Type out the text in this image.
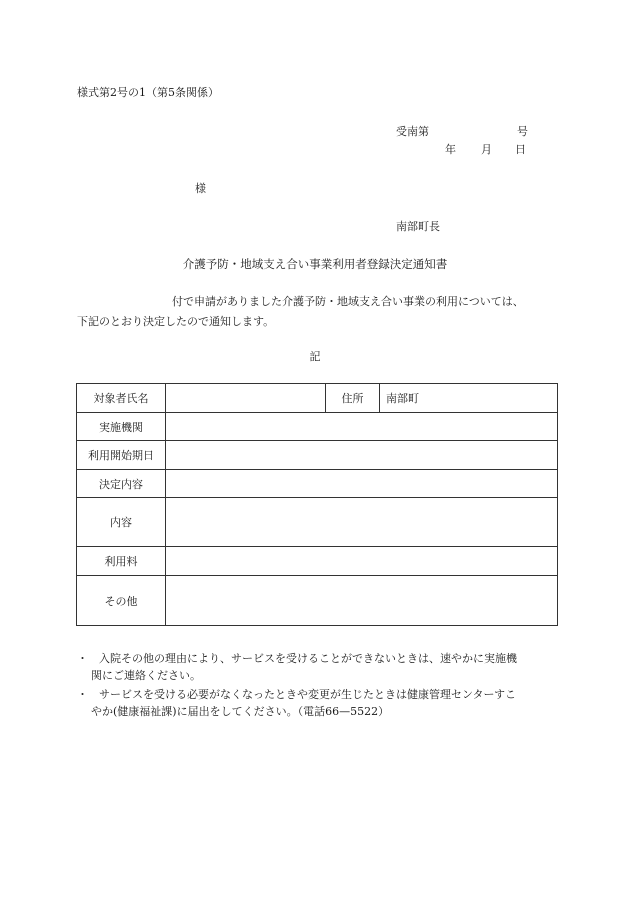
様式第2号の1（第5条関係）
受南第	号
年 月 日
様
南部町長
介護予防・地域支え合い事業利用者登録決定通知書
付で申請がありました介護予防・地域支え合い事業の利用については、
下記のとおり決定したので通知します。
記
対象者氏名		住所	南部町
実施機関			
利用開始期日			
決定内容			
内容			
利用料			
その他			
・ 入院その他の理由により、サービスを受けることができないときは、速やかに実施機
関にご連絡ください。
・ サービスを受ける必要がなくなったときや変更が生じたときは健康管理センターすこ
やか(健康福祉課)に届出をしてください。（電話66—5522）
